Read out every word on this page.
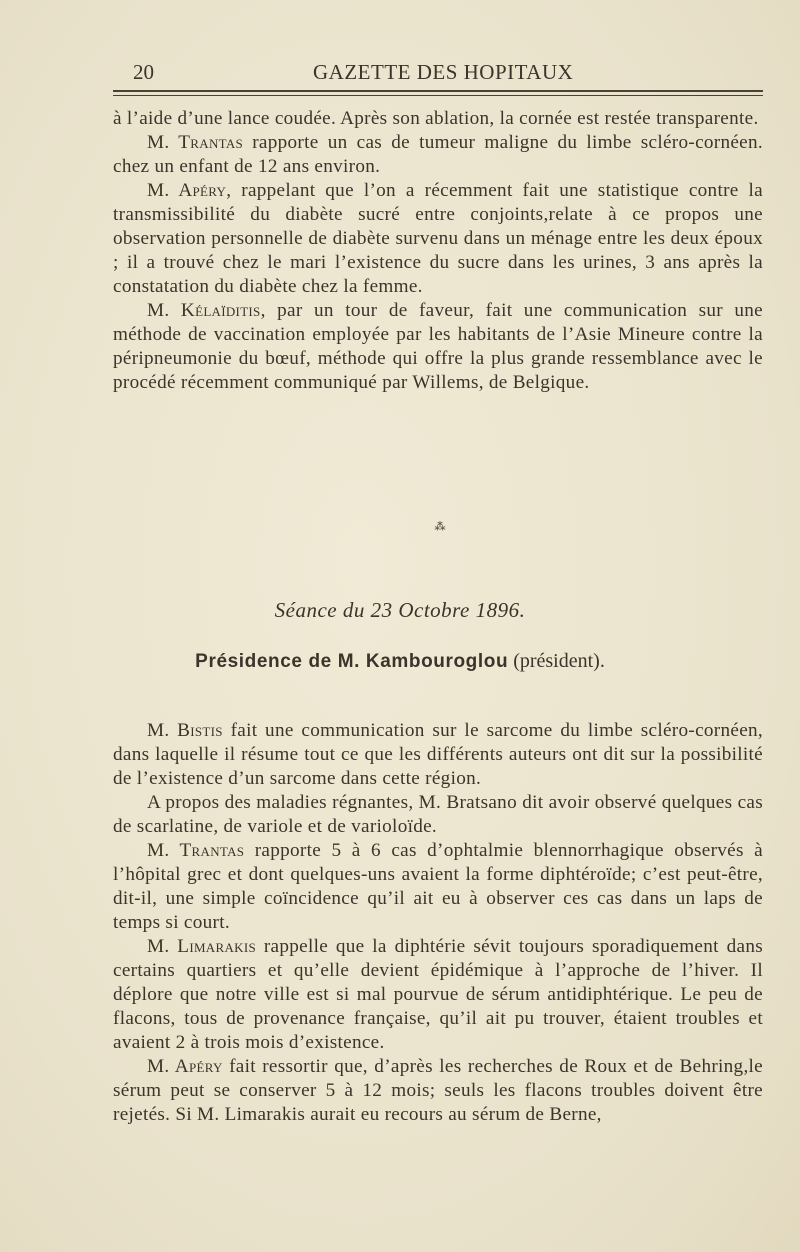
20	GAZETTE DES HOPITAUX

à l’aide d’une lance coudée. Après son ablation, la cornée est restée transparente.

M. Trantas rapporte un cas de tumeur maligne du limbe scléro-cornéen. chez un enfant de 12 ans environ.

M. Apéry, rappelant que l’on a récemment fait une statistique contre la transmissibilité du diabète sucré entre conjoints,relate à ce propos une observation personnelle de diabète survenu dans un ménage entre les deux époux ; il a trouvé chez le mari l’existence du sucre dans les urines, 3 ans après la constatation du diabète chez la femme.

M. Kélaïditis, par un tour de faveur, fait une communication sur une méthode de vaccination employée par les habitants de l’Asie Mineure contre la péripneumonie du bœuf, méthode qui offre la plus grande ressemblance avec le procédé récemment communiqué par Willems, de Belgique.

⁂
Séance du 23 Octobre 1896.
Présidence de M. Kambouroglou (président).

M. Bistis fait une communication sur le sarcome du limbe scléro-cornéen, dans laquelle il résume tout ce que les différents auteurs ont dit sur la possibilité de l’existence d’un sarcome dans cette région.

A propos des maladies régnantes, M. Bratsano dit avoir observé quelques cas de scarlatine, de variole et de varioloïde.

M. Trantas rapporte 5 à 6 cas d’ophtalmie blennorrhagique observés à l’hôpital grec et dont quelques-uns avaient la forme diphtéroïde; c’est peut-être, dit-il, une simple coïncidence qu’il ait eu à observer ces cas dans un laps de temps si court.

M. Limarakis rappelle que la diphtérie sévit toujours sporadiquement dans certains quartiers et qu’elle devient épidémique à l’approche de l’hiver. Il déplore que notre ville est si mal pourvue de sérum antidiphtérique. Le peu de flacons, tous de provenance française, qu’il ait pu trouver, étaient troubles et avaient 2 à trois mois d’existence.

M. Apéry fait ressortir que, d’après les recherches de Roux et de Behring,le sérum peut se conserver 5 à 12 mois; seuls les flacons troubles doivent être rejetés. Si M. Limarakis aurait eu recours au sérum de Berne,
